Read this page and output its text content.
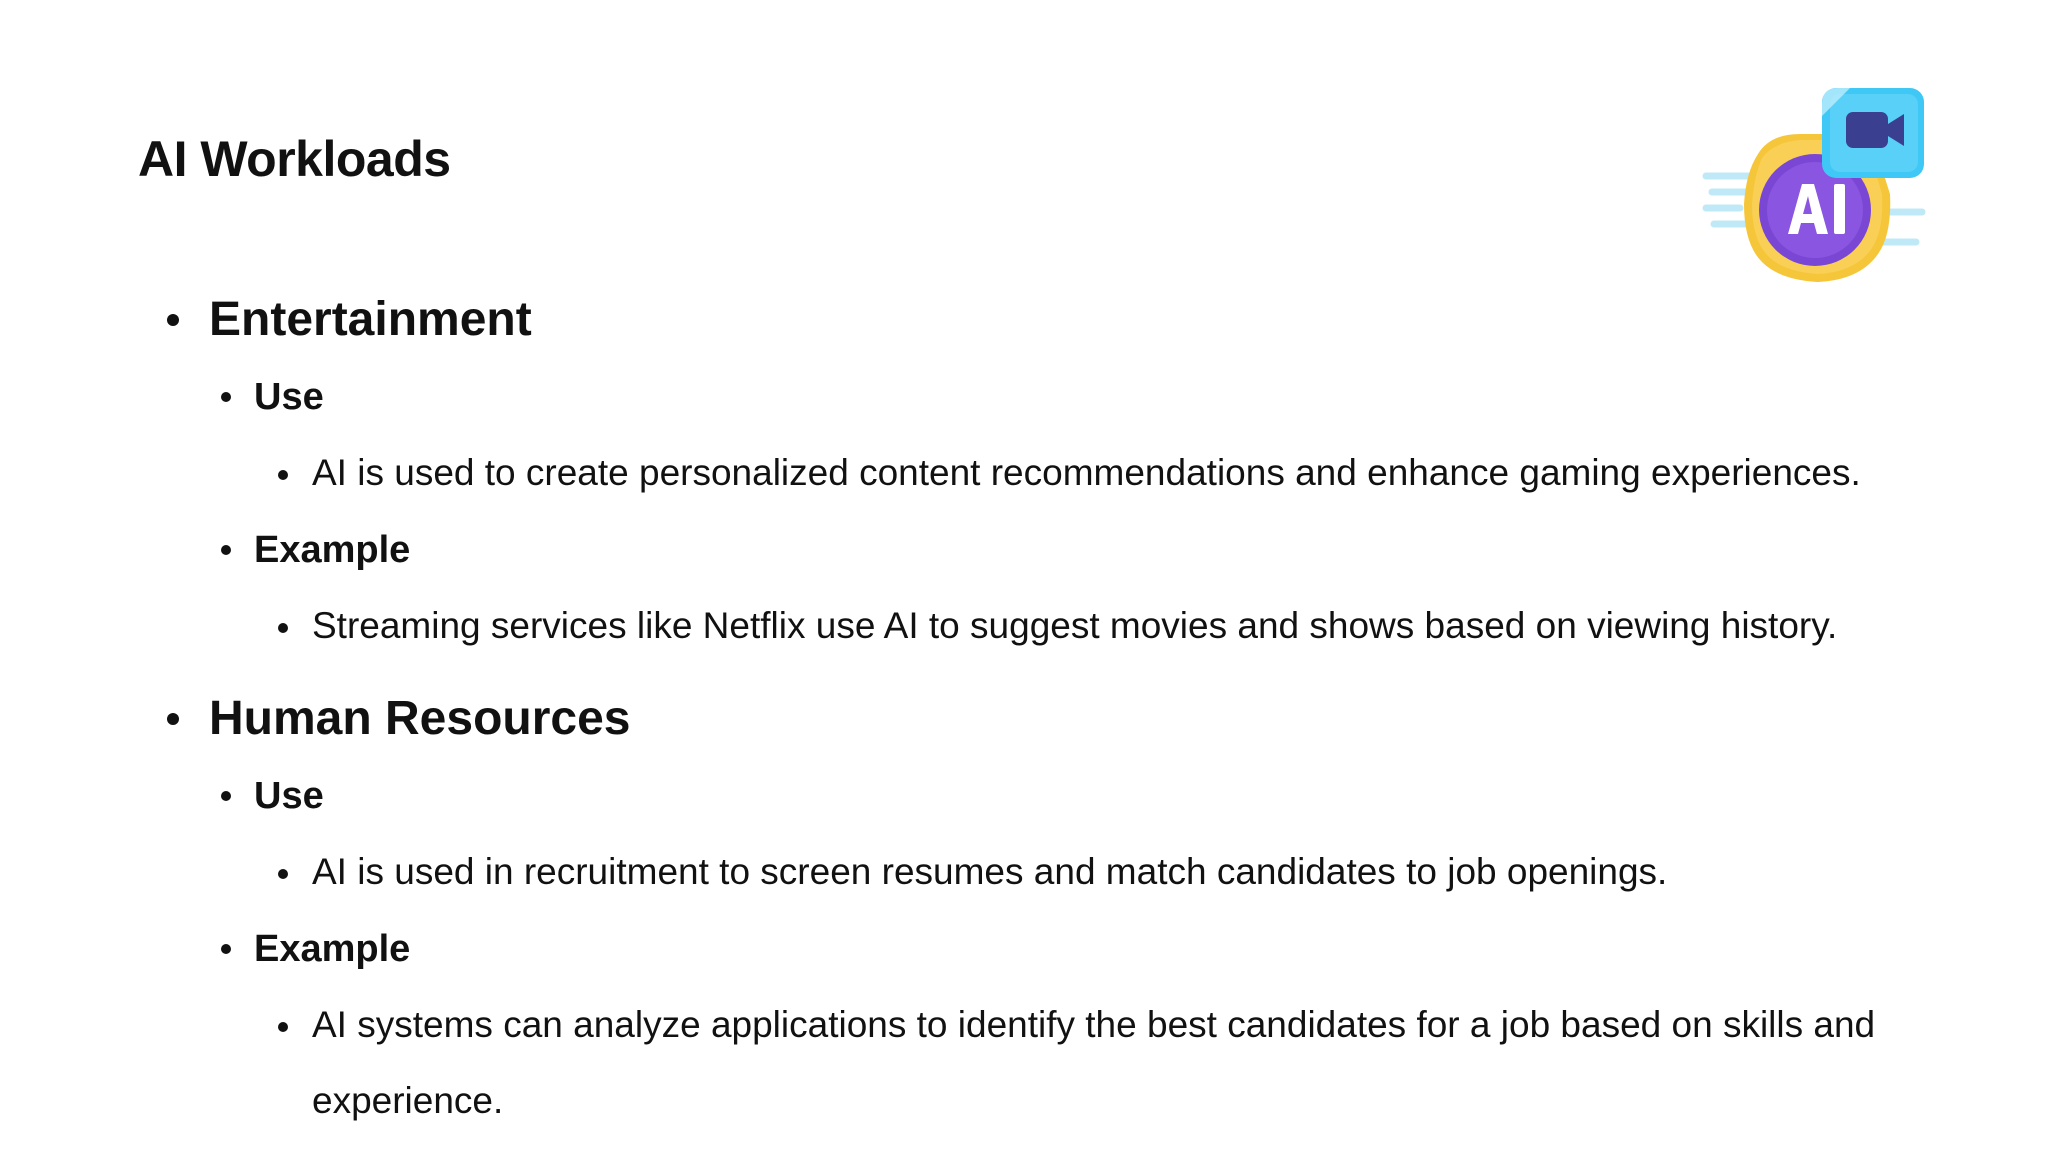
AI Workloads
Entertainment
Use
AI is used to create personalized content recommendations and enhance gaming experiences.
Example
Streaming services like Netflix use AI to suggest movies and shows based on viewing history.
Human Resources
Use
AI is used in recruitment to screen resumes and match candidates to job openings.
Example
AI systems can analyze applications to identify the best candidates for a job based on skills and
experience.
